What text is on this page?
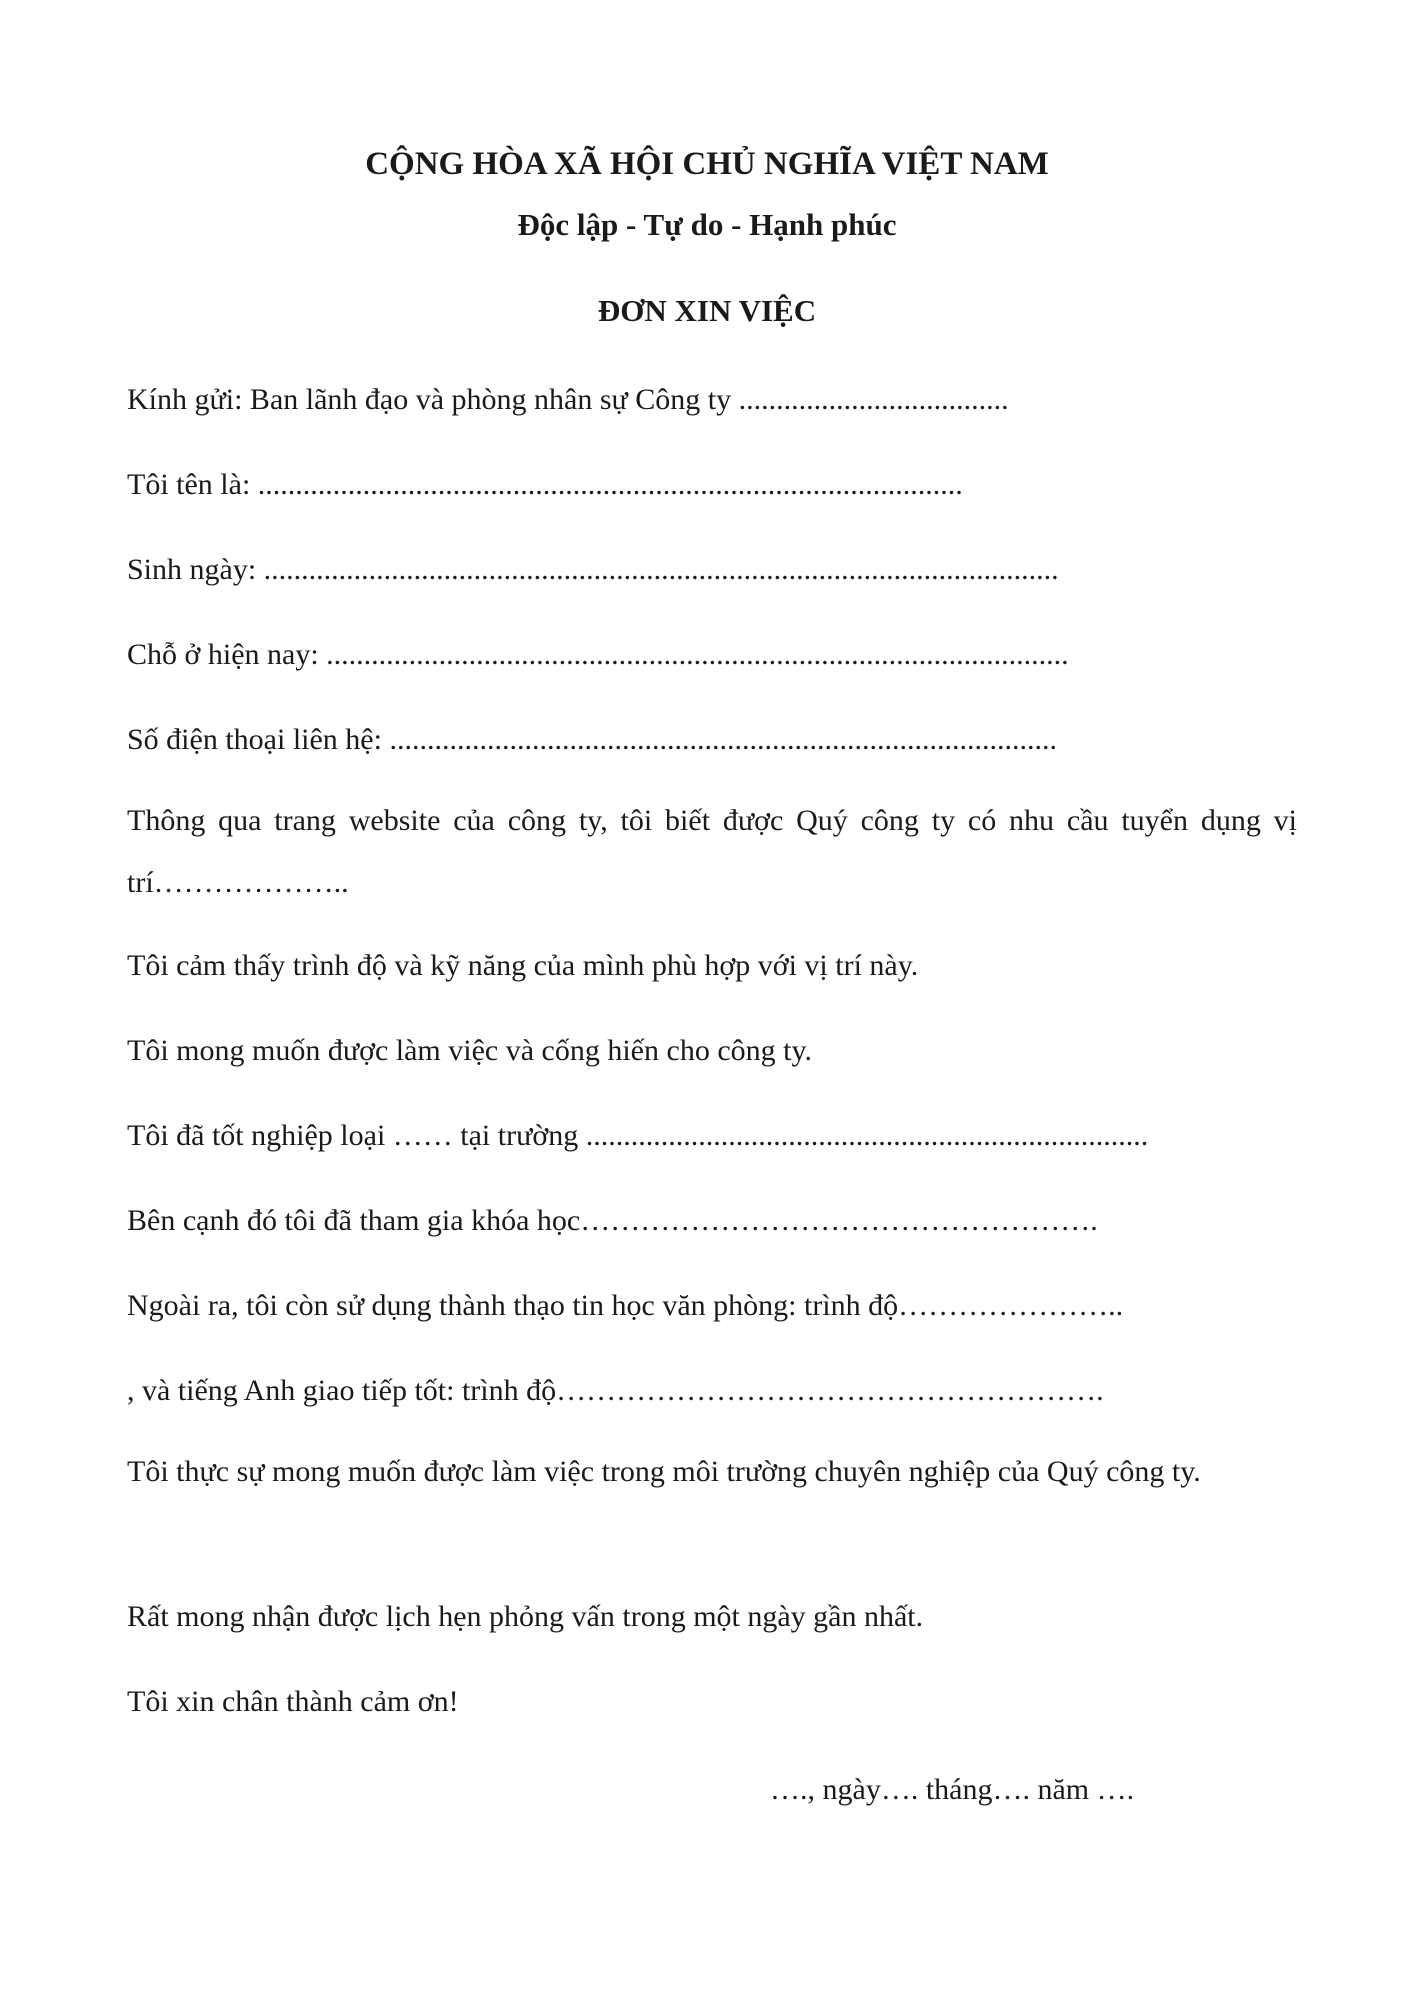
CỘNG HÒA XÃ HỘI CHỦ NGHĨA VIỆT NAM
Độc lập - Tự do - Hạnh phúc
ĐƠN XIN VIỆC
Kính gửi: Ban lãnh đạo và phòng nhân sự Công ty ....................................
Tôi tên là: ..............................................................................................
Sinh ngày: ..........................................................................................................
Chỗ ở hiện nay: ...................................................................................................
Số điện thoại liên hệ: .........................................................................................
Thông qua trang website của công ty, tôi biết được Quý công ty có nhu cầu tuyển dụng vị trí………………..
Tôi cảm thấy trình độ và kỹ năng của mình phù hợp với vị trí này.
Tôi mong muốn được làm việc và cống hiến cho công ty.
Tôi đã tốt nghiệp loại …… tại trường ...........................................................................
Bên cạnh đó tôi đã tham gia khóa học…………………………………………….
Ngoài ra, tôi còn sử dụng thành thạo tin học văn phòng: trình độ…………………..
, và tiếng Anh giao tiếp tốt: trình độ……………………………………………….
Tôi thực sự mong muốn được làm việc trong môi trường chuyên nghiệp của Quý công ty.
Rất mong nhận được lịch hẹn phỏng vấn trong một ngày gần nhất.
Tôi xin chân thành cảm ơn!
…., ngày…. tháng…. năm ….
